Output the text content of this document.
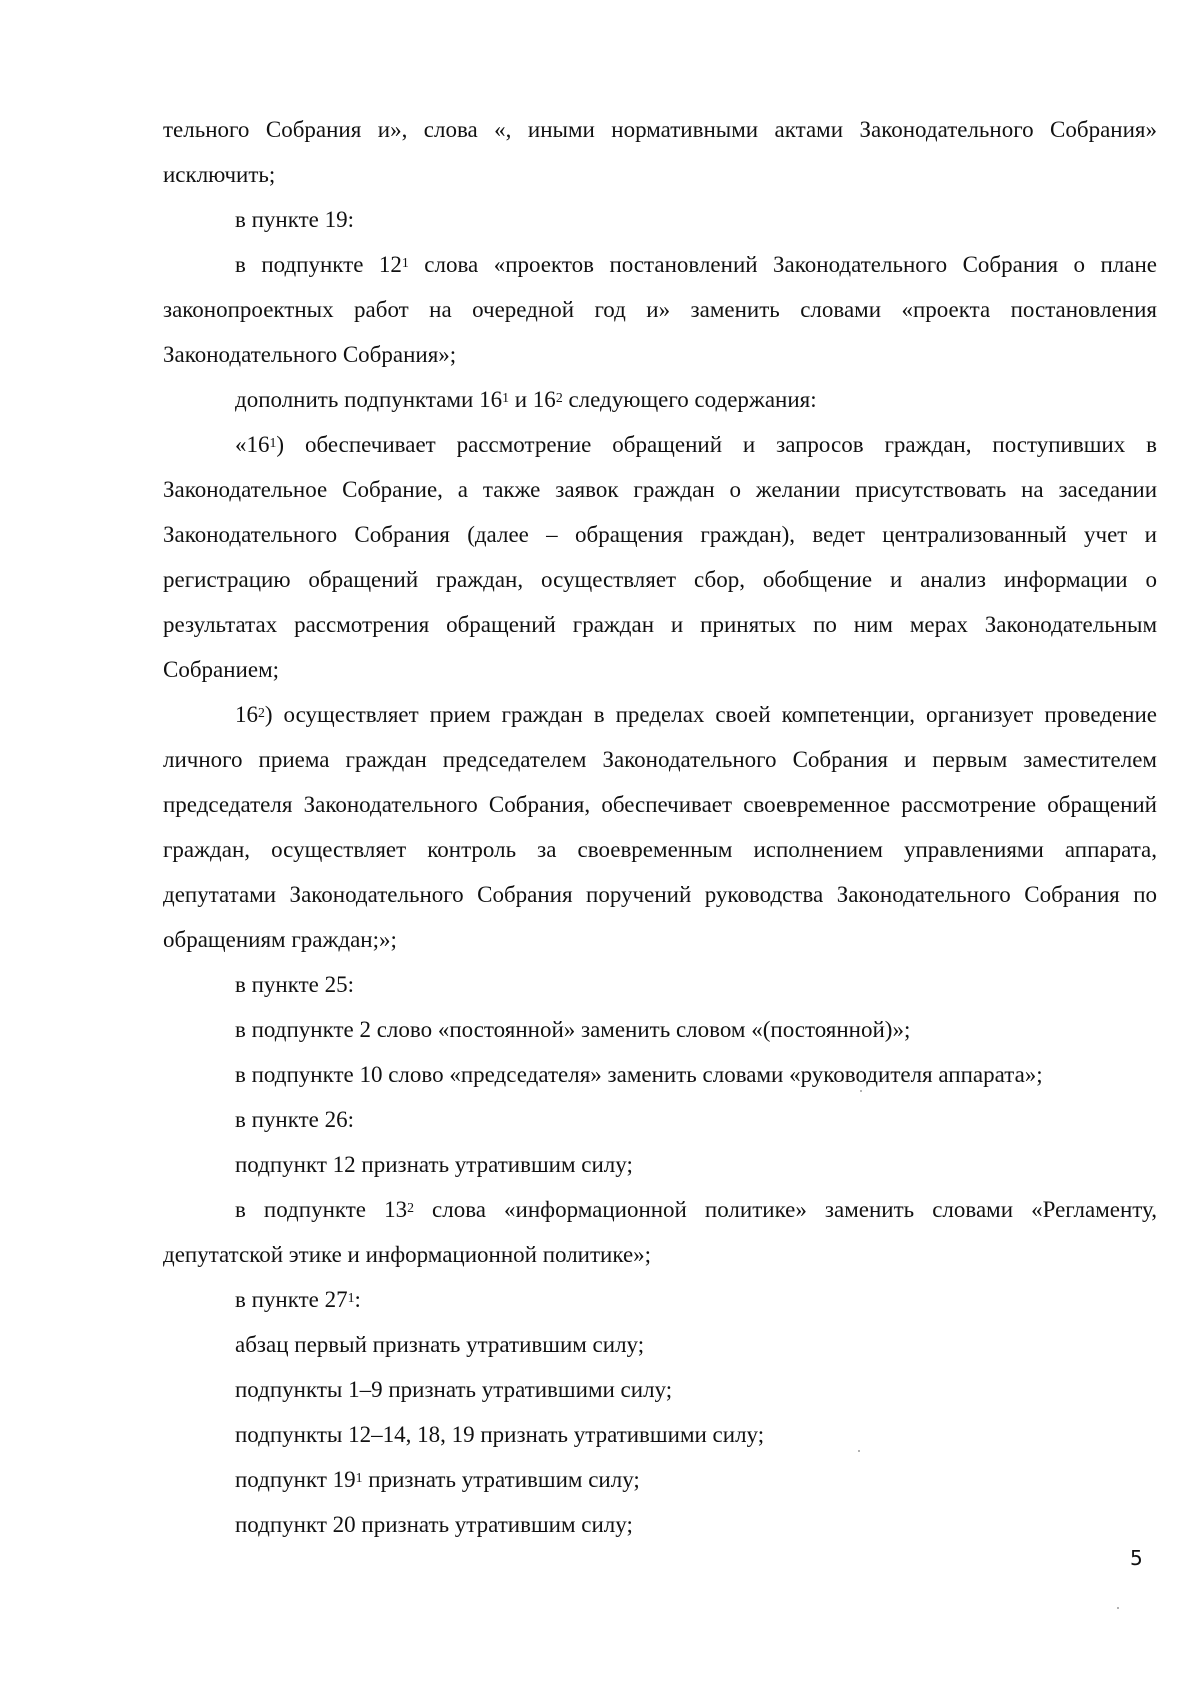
тельного Собрания и», слова «, иными нормативными актами Законодательного Собрания» исключить;

в пункте 19:

в подпункте $12^1$ слова «проектов постановлений Законодательного Собрания о плане законопроектных работ на очередной год и» заменить словами «проекта постановления Законодательного Собрания»;

дополнить подпунктами $16^1$ и $16^2$ следующего содержания:

«$16^1$) обеспечивает рассмотрение обращений и запросов граждан, поступивших в Законодательное Собрание, а также заявок граждан о желании присутствовать на заседании Законодательного Собрания (далее – обращения граждан), ведет централизованный учет и регистрацию обращений граждан, осуществляет сбор, обобщение и анализ информации о результатах рассмотрения обращений граждан и принятых по ним мерах Законодательным Собранием;

$16^2$) осуществляет прием граждан в пределах своей компетенции, организует проведение личного приема граждан председателем Законодательного Собрания и первым заместителем председателя Законодательного Собрания, обеспечивает своевременное рассмотрение обращений граждан, осуществляет контроль за своевременным исполнением управлениями аппарата, депутатами Законодательного Собрания поручений руководства Законодательного Собрания по обращениям граждан;»;

в пункте 25:

в подпункте 2 слово «постоянной» заменить словом «(постоянной)»;

в подпункте 10 слово «председателя» заменить словами «руководителя аппарата»;

в пункте 26:

подпункт 12 признать утратившим силу;

в подпункте $13^2$ слова «информационной политике» заменить словами «Регламенту, депутатской этике и информационной политике»;

в пункте $27^1$:

абзац первый признать утратившим силу;

подпункты 1–9 признать утратившими силу;

подпункты 12–14, 18, 19 признать утратившими силу;

подпункт $19^1$ признать утратившим силу;

подпункт 20 признать утратившим силу;

5
